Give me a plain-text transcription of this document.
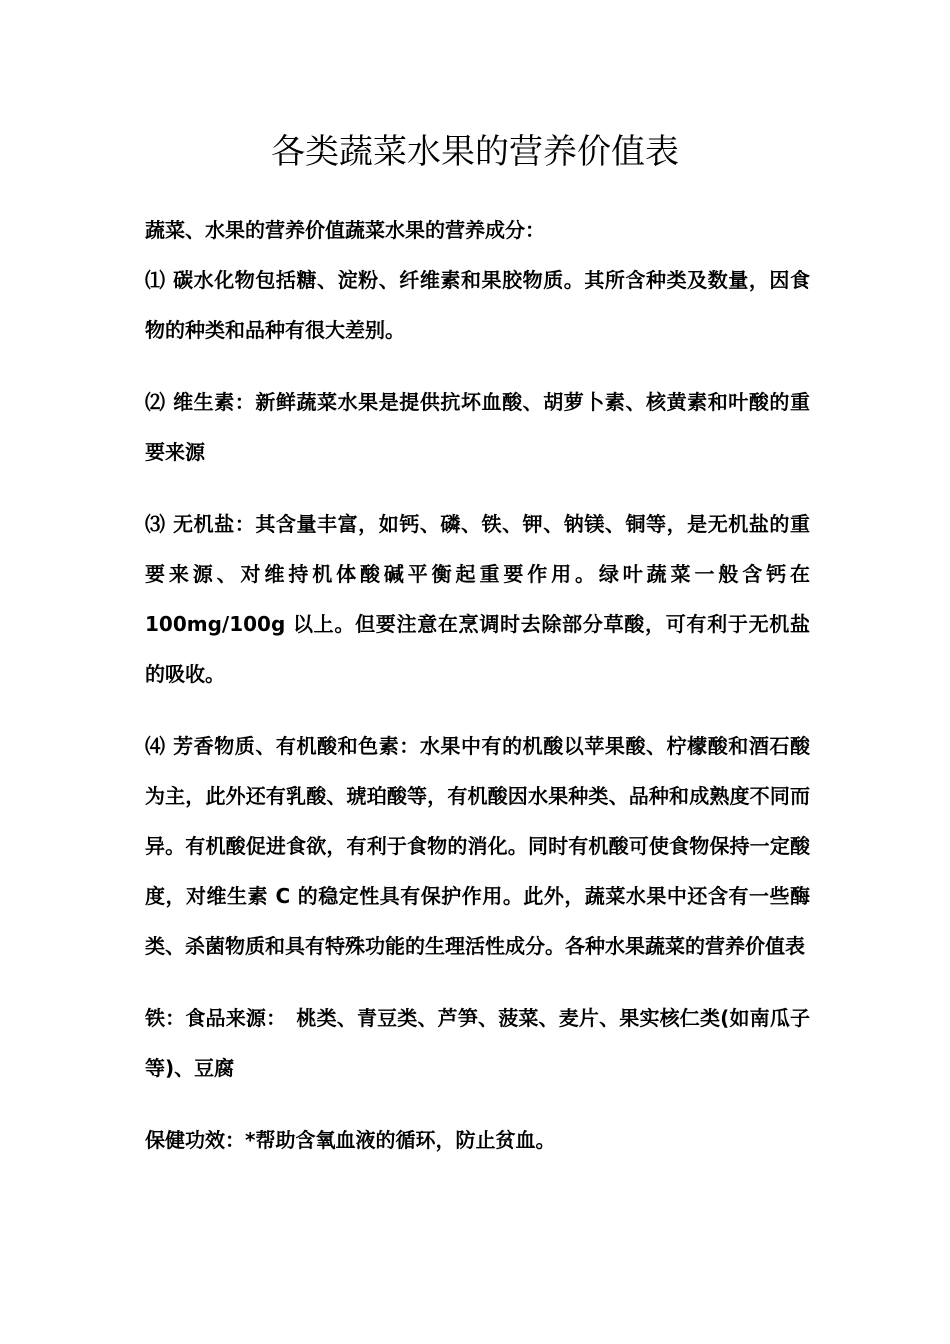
各类蔬菜水果的营养价值表

蔬菜、水果的营养价值蔬菜水果的营养成分：

⑴ 碳水化物包括糖、淀粉、纤维素和果胶物质。其所含种类及数量，因食物的种类和品种有很大差别。

⑵ 维生素：新鲜蔬菜水果是提供抗坏血酸、胡萝卜素、核黄素和叶酸的重要来源

⑶ 无机盐：其含量丰富，如钙、磷、铁、钾、钠镁、铜等，是无机盐的重要来源、对维持机体酸碱平衡起重要作用。绿叶蔬菜一般含钙在 100mg/100g 以上。但要注意在烹调时去除部分草酸，可有利于无机盐的吸收。

⑷ 芳香物质、有机酸和色素：水果中有的机酸以苹果酸、柠檬酸和酒石酸为主，此外还有乳酸、琥珀酸等，有机酸因水果种类、品种和成熟度不同而异。有机酸促进食欲，有利于食物的消化。同时有机酸可使食物保持一定酸度，对维生素 C 的稳定性具有保护作用。此外，蔬菜水果中还含有一些酶类、杀菌物质和具有特殊功能的生理活性成分。各种水果蔬菜的营养价值表

铁：食品来源：　桃类、青豆类、芦笋、菠菜、麦片、果实核仁类(如南瓜子等)、豆腐

保健功效：*帮助含氧血液的循环，防止贫血。
